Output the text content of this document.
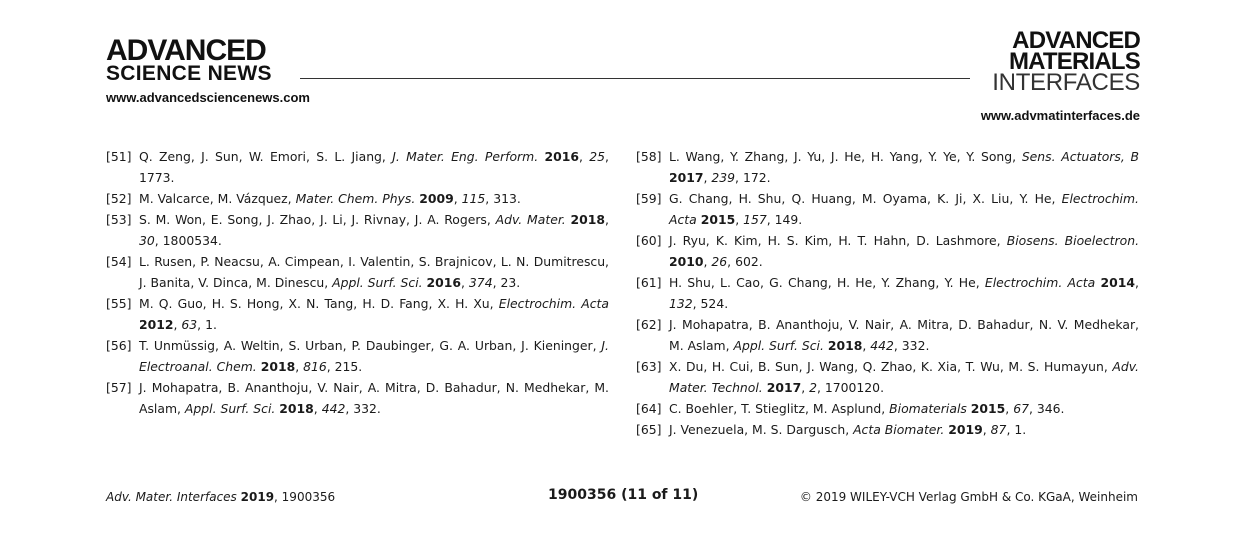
ADVANCED
SCIENCE NEWS
www.advancedsciencenews.com
ADVANCED
MATERIALS
INTERFACES
www.advmatinterfaces.de
[51] Q. Zeng, J. Sun, W. Emori, S. L. Jiang, J. Mater. Eng. Perform. 2016, 25, 1773.
[52] M. Valcarce, M. Vázquez, Mater. Chem. Phys. 2009, 115, 313.
[53] S. M. Won, E. Song, J. Zhao, J. Li, J. Rivnay, J. A. Rogers, Adv. Mater. 2018, 30, 1800534.
[54] L. Rusen, P. Neacsu, A. Cimpean, I. Valentin, S. Brajnicov, L. N. Dumitrescu, J. Banita, V. Dinca, M. Dinescu, Appl. Surf. Sci. 2016, 374, 23.
[55] M. Q. Guo, H. S. Hong, X. N. Tang, H. D. Fang, X. H. Xu, Electrochim. Acta 2012, 63, 1.
[56] T. Unmüssig, A. Weltin, S. Urban, P. Daubinger, G. A. Urban, J. Kieninger, J. Electroanal. Chem. 2018, 816, 215.
[57] J. Mohapatra, B. Ananthoju, V. Nair, A. Mitra, D. Bahadur, N. Medhekar, M. Aslam, Appl. Surf. Sci. 2018, 442, 332.
[58] L. Wang, Y. Zhang, J. Yu, J. He, H. Yang, Y. Ye, Y. Song, Sens. Actuators, B 2017, 239, 172.
[59] G. Chang, H. Shu, Q. Huang, M. Oyama, K. Ji, X. Liu, Y. He, Electrochim. Acta 2015, 157, 149.
[60] J. Ryu, K. Kim, H. S. Kim, H. T. Hahn, D. Lashmore, Biosens. Bioelectron. 2010, 26, 602.
[61] H. Shu, L. Cao, G. Chang, H. He, Y. Zhang, Y. He, Electrochim. Acta 2014, 132, 524.
[62] J. Mohapatra, B. Ananthoju, V. Nair, A. Mitra, D. Bahadur, N. V. Medhekar, M. Aslam, Appl. Surf. Sci. 2018, 442, 332.
[63] X. Du, H. Cui, B. Sun, J. Wang, Q. Zhao, K. Xia, T. Wu, M. S. Humayun, Adv. Mater. Technol. 2017, 2, 1700120.
[64] C. Boehler, T. Stieglitz, M. Asplund, Biomaterials 2015, 67, 346.
[65] J. Venezuela, M. S. Dargusch, Acta Biomater. 2019, 87, 1.
Adv. Mater. Interfaces 2019, 1900356	1900356 (11 of 11)	© 2019 WILEY-VCH Verlag GmbH & Co. KGaA, Weinheim
